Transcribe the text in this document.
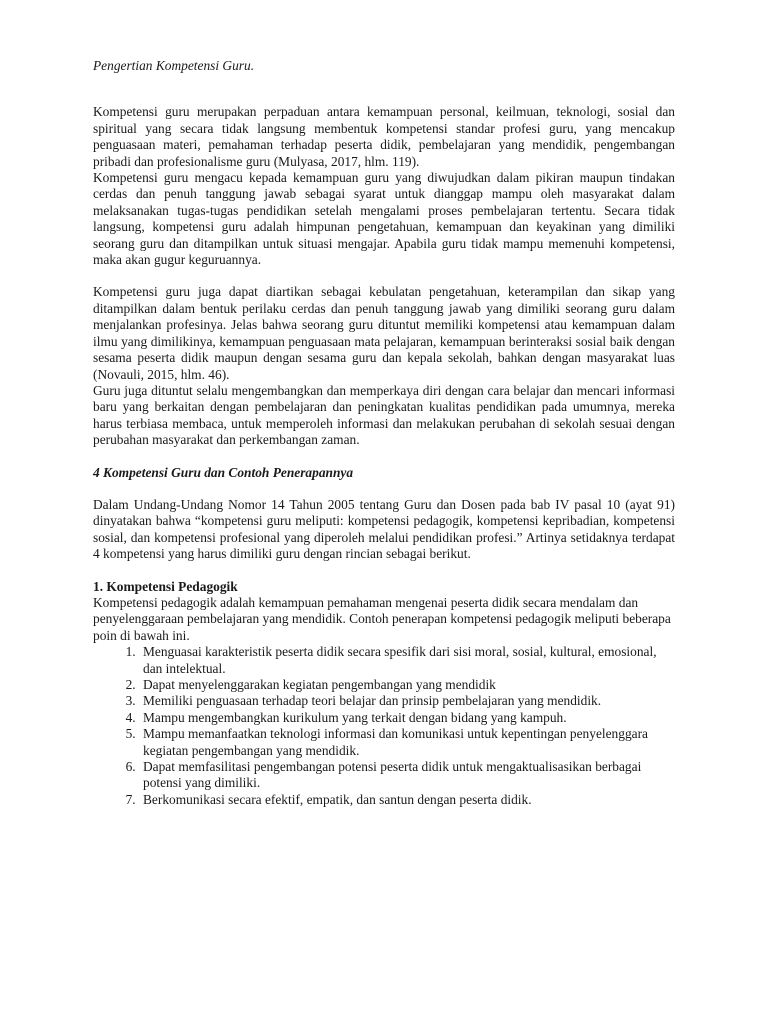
Pengertian Kompetensi Guru.

Kompetensi guru merupakan perpaduan antara kemampuan personal, keilmuan, teknologi, sosial dan spiritual yang secara tidak langsung membentuk kompetensi standar profesi guru, yang mencakup penguasaan materi, pemahaman terhadap peserta didik, pembelajaran yang mendidik, pengembangan pribadi dan profesionalisme guru (Mulyasa, 2017, hlm. 119).

Kompetensi guru mengacu kepada kemampuan guru yang diwujudkan dalam pikiran maupun tindakan cerdas dan penuh tanggung jawab sebagai syarat untuk dianggap mampu oleh masyarakat dalam melaksanakan tugas-tugas pendidikan setelah mengalami proses pembelajaran tertentu. Secara tidak langsung, kompetensi guru adalah himpunan pengetahuan, kemampuan dan keyakinan yang dimiliki seorang guru dan ditampilkan untuk situasi mengajar. Apabila guru tidak mampu memenuhi kompetensi, maka akan gugur keguruannya.

Kompetensi guru juga dapat diartikan sebagai kebulatan pengetahuan, keterampilan dan sikap yang ditampilkan dalam bentuk perilaku cerdas dan penuh tanggung jawab yang dimiliki seorang guru dalam menjalankan profesinya. Jelas bahwa seorang guru dituntut memiliki kompetensi atau kemampuan dalam ilmu yang dimilikinya, kemampuan penguasaan mata pelajaran, kemampuan berinteraksi sosial baik dengan sesama peserta didik maupun dengan sesama guru dan kepala sekolah, bahkan dengan masyarakat luas (Novauli, 2015, hlm. 46).

Guru juga dituntut selalu mengembangkan dan memperkaya diri dengan cara belajar dan mencari informasi baru yang berkaitan dengan pembelajaran dan peningkatan kualitas pendidikan pada umumnya, mereka harus terbiasa membaca, untuk memperoleh informasi dan melakukan perubahan di sekolah sesuai dengan perubahan masyarakat dan perkembangan zaman.

4 Kompetensi Guru dan Contoh Penerapannya

Dalam Undang-Undang Nomor 14 Tahun 2005 tentang Guru dan Dosen pada bab IV pasal 10 (ayat 91) dinyatakan bahwa “kompetensi guru meliputi: kompetensi pedagogik, kompetensi kepribadian, kompetensi sosial, dan kompetensi profesional yang diperoleh melalui pendidikan profesi.” Artinya setidaknya terdapat 4 kompetensi yang harus dimiliki guru dengan rincian sebagai berikut.

1. Kompetensi Pedagogik

Kompetensi pedagogik adalah kemampuan pemahaman mengenai peserta didik secara mendalam dan penyelenggaraan pembelajaran yang mendidik. Contoh penerapan kompetensi pedagogik meliputi beberapa poin di bawah ini.

1. Menguasai karakteristik peserta didik secara spesifik dari sisi moral, sosial, kultural, emosional, dan intelektual.
2. Dapat menyelenggarakan kegiatan pengembangan yang mendidik
3. Memiliki penguasaan terhadap teori belajar dan prinsip pembelajaran yang mendidik.
4. Mampu mengembangkan kurikulum yang terkait dengan bidang yang kampuh.
5. Mampu memanfaatkan teknologi informasi dan komunikasi untuk kepentingan penyelenggara kegiatan pengembangan yang mendidik.
6. Dapat memfasilitasi pengembangan potensi peserta didik untuk mengaktualisasikan berbagai potensi yang dimiliki.
7. Berkomunikasi secara efektif, empatik, dan santun dengan peserta didik.
